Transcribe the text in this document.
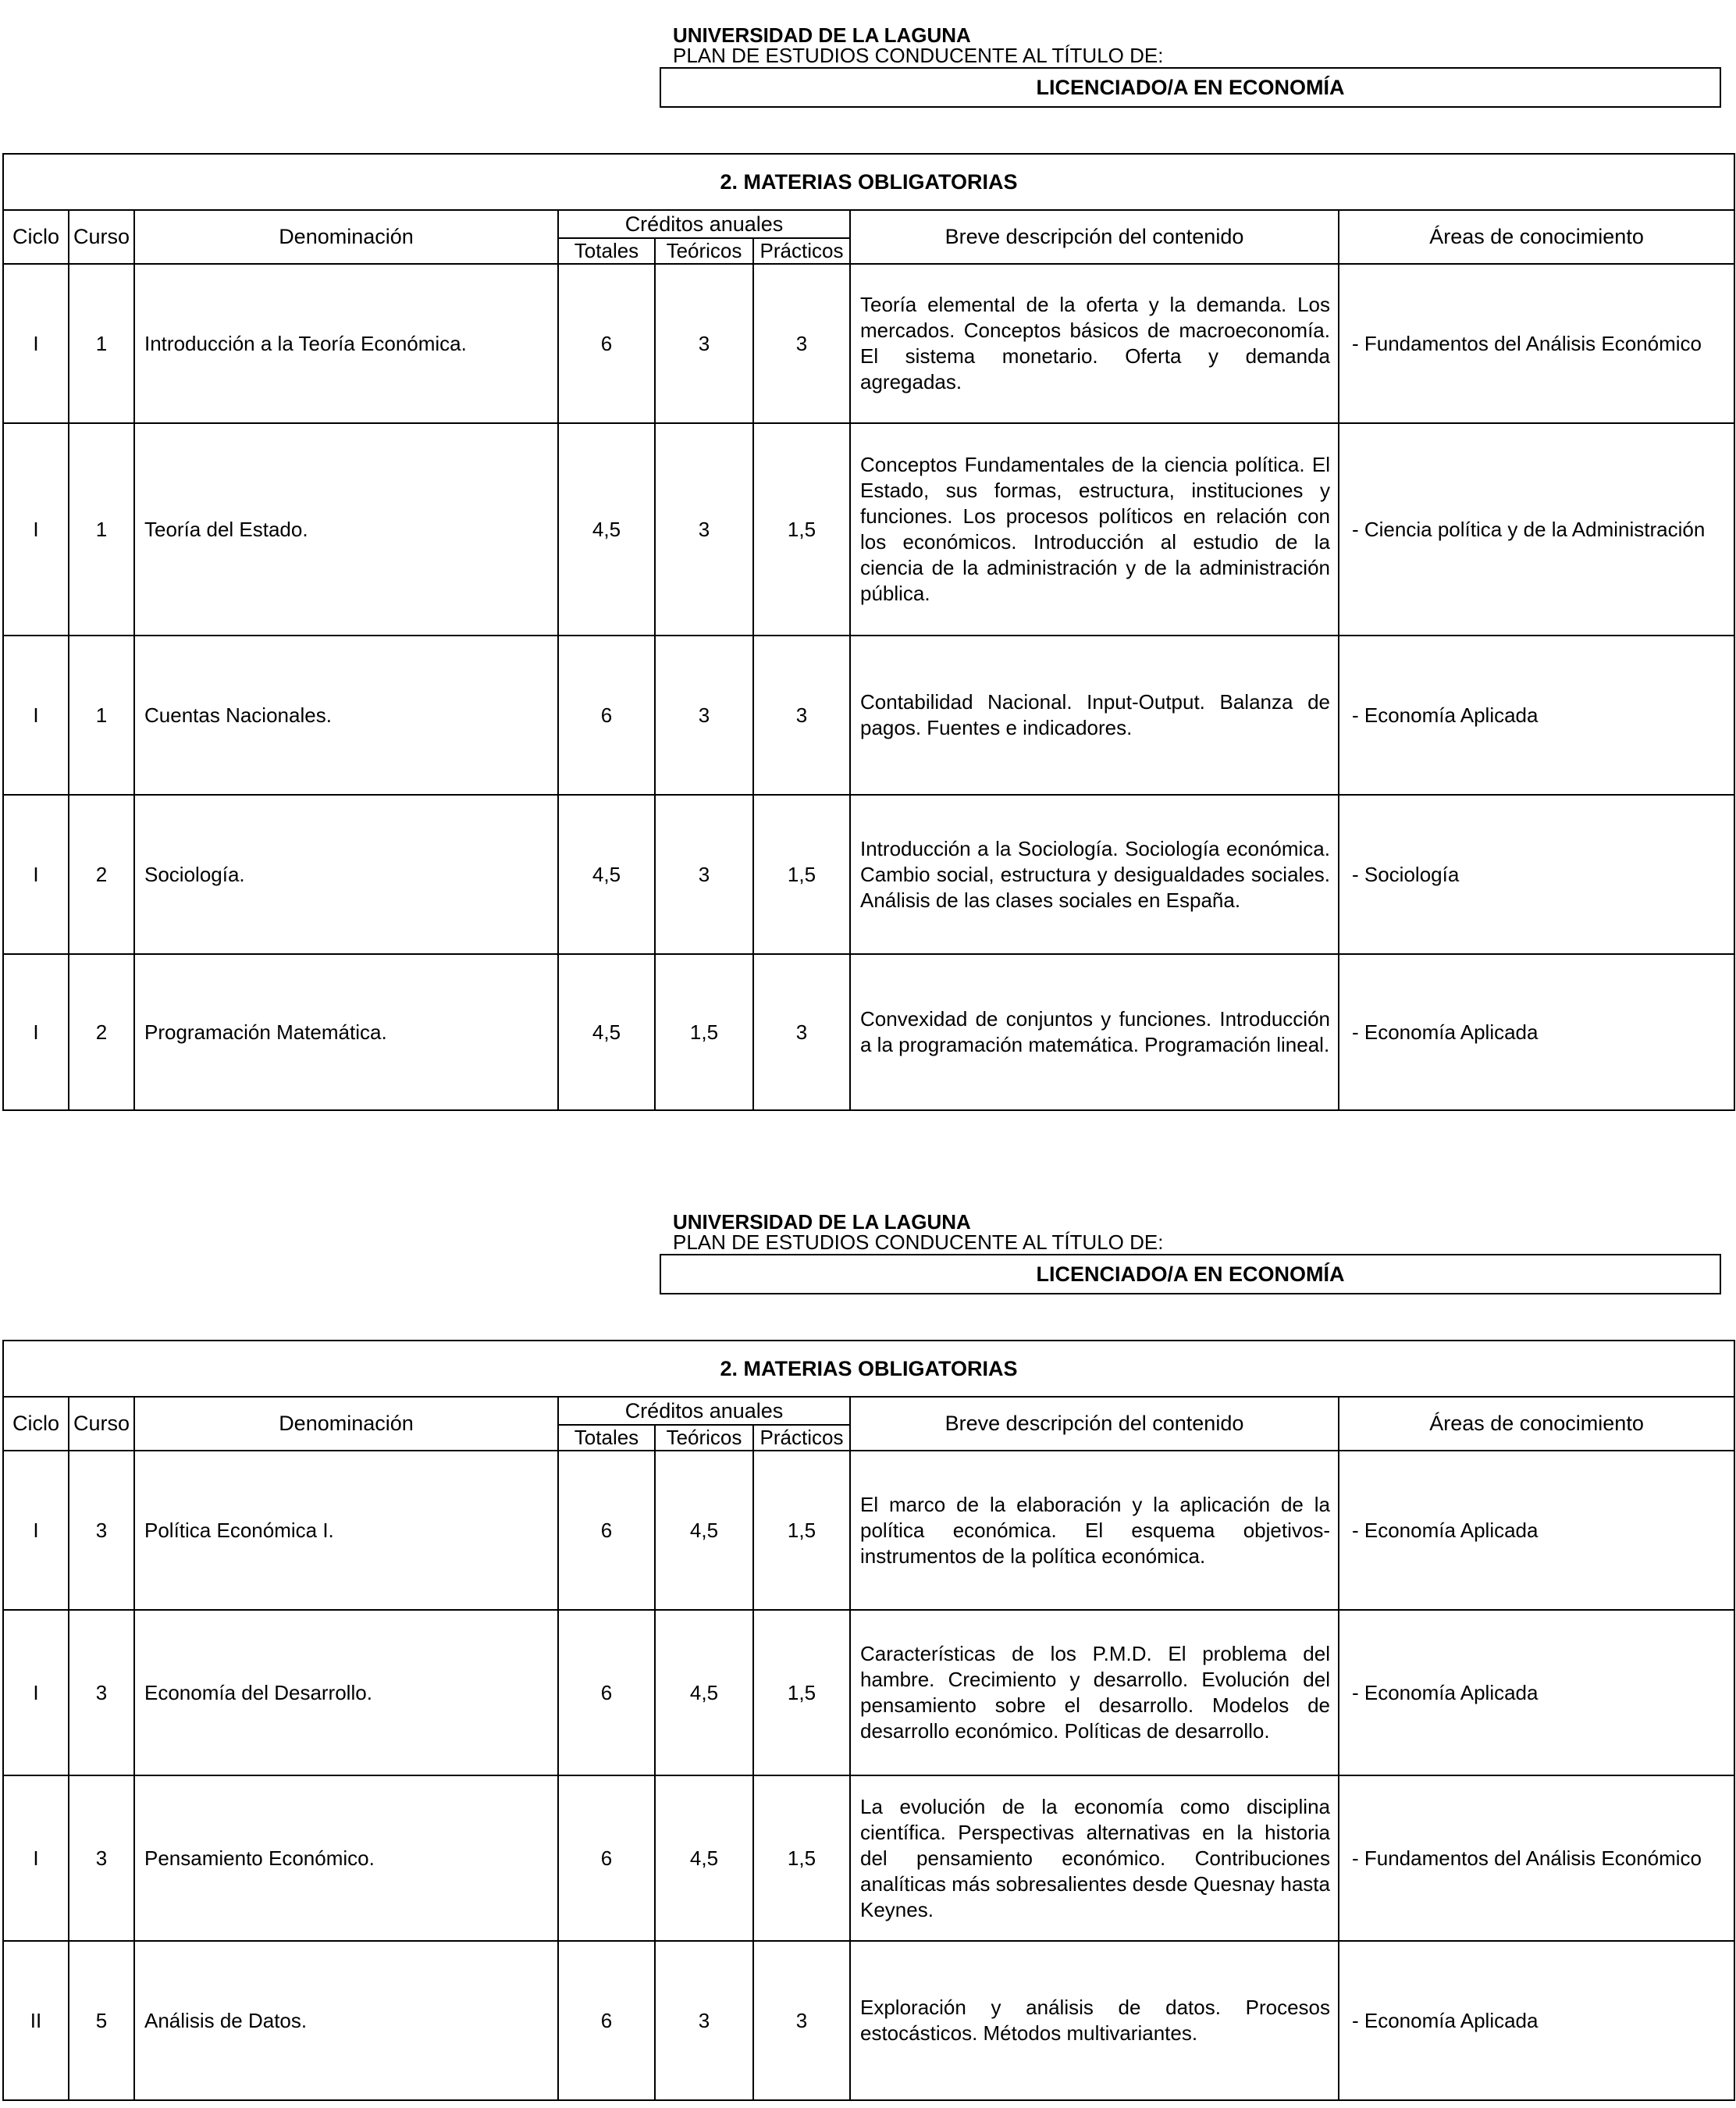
UNIVERSIDAD DE LA LAGUNA
PLAN DE ESTUDIOS CONDUCENTE AL TÍTULO DE:
LICENCIADO/A EN ECONOMÍA
2. MATERIAS OBLIGATORIAS							
Ciclo	Curso	Denominación	Créditos anuales			Breve descripción del contenido	Áreas de conocimiento
			Totales	Teóricos	Prácticos		
I	1	Introducción a la Teoría Económica.	6	3	3	Teoría elemental de la oferta y la demanda. Los mercados. Conceptos básicos de macroeconomía. El sistema monetario. Oferta y demanda agregadas.	- Fundamentos del Análisis Económico
I	1	Teoría del Estado.	4,5	3	1,5	Conceptos Fundamentales de la ciencia política. El Estado, sus formas, estructura, instituciones y funciones. Los procesos políticos en relación con los económicos. Introducción al estudio de la ciencia de la administración y de la administración pública.	- Ciencia política y de la Administración
I	1	Cuentas Nacionales.	6	3	3	Contabilidad Nacional. Input-Output. Balanza de pagos. Fuentes e indicadores.	- Economía Aplicada
I	2	Sociología.	4,5	3	1,5	Introducción a la Sociología. Sociología económica. Cambio social, estructura y desigualdades sociales. Análisis de las clases sociales en España.	- Sociología
I	2	Programación Matemática.	4,5	1,5	3	Convexidad de conjuntos y funciones. Introducción a la programación matemática. Programación lineal.	- Economía Aplicada
UNIVERSIDAD DE LA LAGUNA
PLAN DE ESTUDIOS CONDUCENTE AL TÍTULO DE:
LICENCIADO/A EN ECONOMÍA
2. MATERIAS OBLIGATORIAS							
Ciclo	Curso	Denominación	Créditos anuales			Breve descripción del contenido	Áreas de conocimiento
			Totales	Teóricos	Prácticos		
I	3	Política Económica I.	6	4,5	1,5	El marco de la elaboración y la aplicación de la política económica. El esquema objetivos-instrumentos de la política económica.	- Economía Aplicada
I	3	Economía del Desarrollo.	6	4,5	1,5	Características de los P.M.D. El problema del hambre. Crecimiento y desarrollo. Evolución del pensamiento sobre el desarrollo. Modelos de desarrollo económico. Políticas de desarrollo.	- Economía Aplicada
I	3	Pensamiento Económico.	6	4,5	1,5	La evolución de la economía como disciplina científica. Perspectivas alternativas en la historia del pensamiento económico. Contribuciones analíticas más sobresalientes desde Quesnay hasta Keynes.	- Fundamentos del Análisis Económico
II	5	Análisis de Datos.	6	3	3	Exploración y análisis de datos. Procesos estocásticos. Métodos multivariantes.	- Economía Aplicada
